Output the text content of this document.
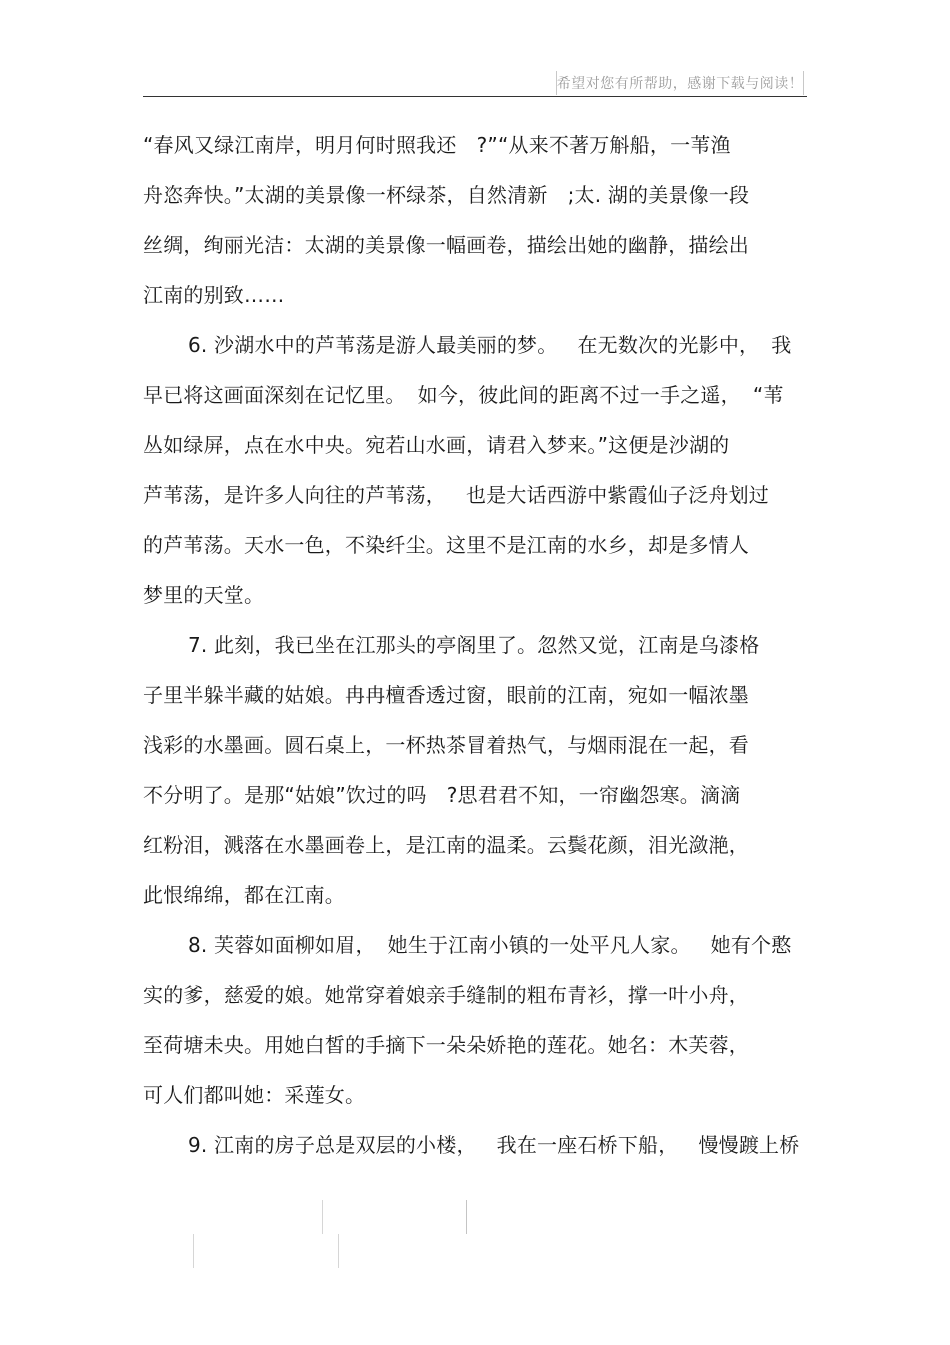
希望对您有所帮助，感谢下载与阅读！
“春风又绿江南岸，明月何时照我还 ?”“从来不著万斛船，一苇渔
舟恣奔快。”太湖的美景像一杯绿茶，自然清新 ;太. 湖的美景像一段
丝绸，绚丽光洁：太湖的美景像一幅画卷，描绘出她的幽静，描绘出
江南的别致……
6. 沙湖水中的芦苇荡是游人最美丽的梦。 在无数次的光影中， 我
早已将这画面深刻在记忆里。 如今，彼此间的距离不过一手之遥， “苇
丛如绿屏，点在水中央。宛若山水画，请君入梦来。”这便是沙湖的
芦苇荡，是许多人向往的芦苇荡， 也是大话西游中紫霞仙子泛舟划过
的芦苇荡。天水一色，不染纤尘。这里不是江南的水乡，却是多情人
梦里的天堂。
7. 此刻，我已坐在江那头的亭阁里了。忽然又觉，江南是乌漆格
子里半躲半藏的姑娘。冉冉檀香透过窗，眼前的江南，宛如一幅浓墨
浅彩的水墨画。圆石桌上，一杯热茶冒着热气，与烟雨混在一起，看
不分明了。是那“姑娘”饮过的吗 ?思君君不知，一帘幽怨寒。滴滴
红粉泪，溅落在水墨画卷上，是江南的温柔。云鬓花颜，泪光潋滟，
此恨绵绵，都在江南。
8. 芙蓉如面柳如眉， 她生于江南小镇的一处平凡人家。 她有个憨
实的爹，慈爱的娘。她常穿着娘亲手缝制的粗布青衫，撑一叶小舟，
至荷塘未央。用她白皙的手摘下一朵朵娇艳的莲花。她名：木芙蓉，
可人们都叫她：采莲女。
9. 江南的房子总是双层的小楼， 我在一座石桥下船， 慢慢踱上桥
